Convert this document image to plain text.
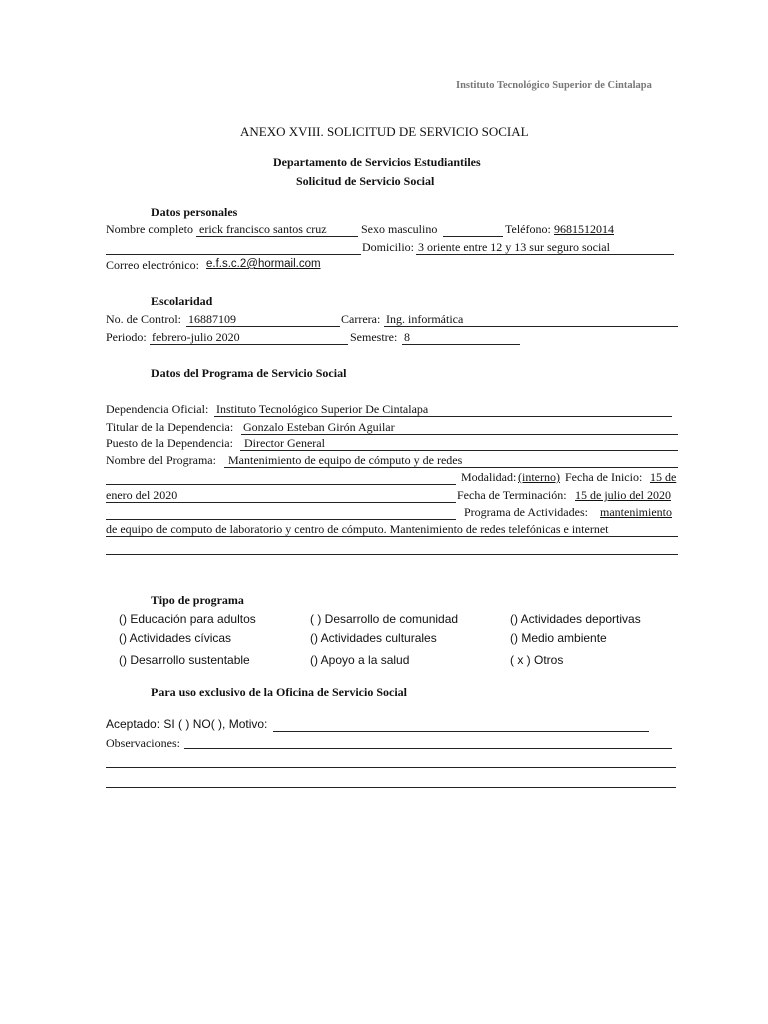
Instituto Tecnológico Superior de Cintalapa
ANEXO XVIII. SOLICITUD DE SERVICIO SOCIAL
Departamento de Servicios Estudiantiles
Solicitud de Servicio Social
Datos personales
Nombre completo erick francisco santos cruz	Sexo masculino	Teléfono: 9681512014
Domicilio: 3 oriente entre 12 y 13 sur seguro social
Correo electrónico: e.f.s.c.2@hormail.com
Escolaridad
No. de Control: 16887109	Carrera: Ing. informática
Periodo: febrero-julio 2020	Semestre: 8
Datos del Programa de Servicio Social
Dependencia Oficial: Instituto Tecnológico Superior De Cintalapa
Titular de la Dependencia: Gonzalo Esteban Girón Aguilar
Puesto de la Dependencia: Director General
Nombre del Programa: Mantenimiento de equipo de cómputo y de redes
Modalidad: (interno) Fecha de Inicio: 15 de
enero del 2020	Fecha de Terminación: 15 de julio del 2020
Programa de Actividades: mantenimiento
de equipo de computo de laboratorio y centro de cómputo. Mantenimiento de redes telefónicas e internet
Tipo de programa
() Educación para adultos	( ) Desarrollo de comunidad	() Actividades deportivas
() Actividades cívicas	() Actividades culturales	() Medio ambiente
() Desarrollo sustentable	() Apoyo a la salud	( x ) Otros
Para uso exclusivo de la Oficina de Servicio Social
Aceptado: SI ( ) NO( ), Motivo:
Observaciones:
